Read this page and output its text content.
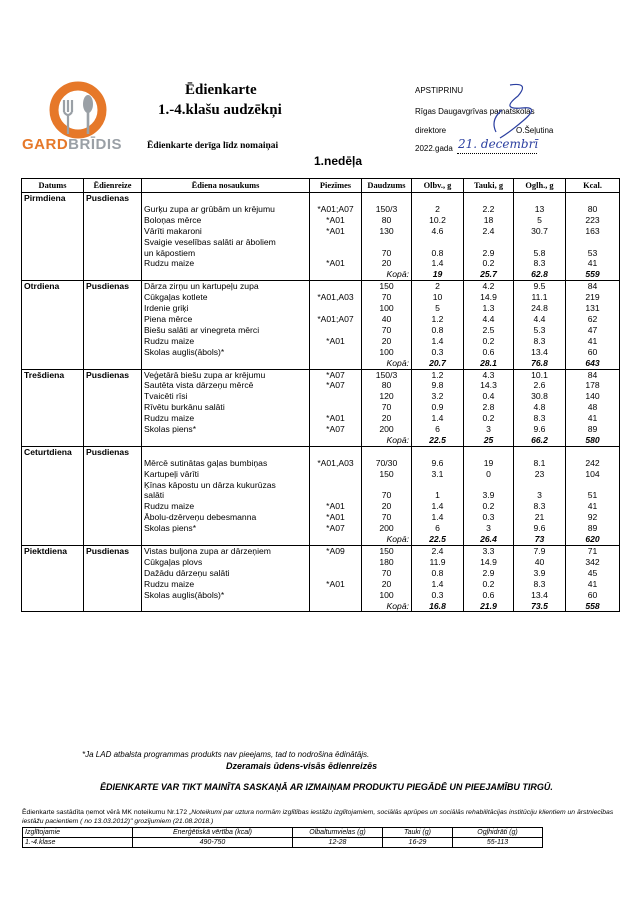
GARDBRĪDIS
Ēdienkarte
1.-4.klašu audzēkņi
Ēdienkarte derīga līdz nomaiņai
1.nedēļa
APSTIPRINU
Rīgas Daugavgrīvas pamatskolas
direktore	O.Šeļutina
2022.gada 21. decembrī
Datums	Ēdienreize	Ēdiena nosaukums	Piezīmes	Daudzums	Olbv., g	Tauki, g	Oglh., g	Kcal.
Pirmdiena	Pusdienas							
		Gurķu zupa ar grūbām un krējumu	*A01;A07	150/3	2	2.2	13	80
		Boloņas mērce	*A01	80	10.2	18	5	223
		Vārīti makaroni	*A01	130	4.6	2.4	30.7	163
		Svaigie veselības salāti ar āboliem						
		un kāpostiem		70	0.8	2.9	5.8	53
		Rudzu maize	*A01	20	1.4	0.2	8.3	41
				Kopā:	19	25.7	62.8	559
Otrdiena	Pusdienas	Dārza zirņu un kartupeļu zupa		150	2	4.2	9.5	84
		Cūkgaļas kotlete	*A01,A03	70	10	14.9	11.1	219
		Irdenie griķi		100	5	1.3	24.8	131
		Piena mērce	*A01;A07	40	1.2	4.4	4.4	62
		Biešu salāti ar vinegreta mērci		70	0.8	2.5	5.3	47
		Rudzu maize	*A01	20	1.4	0.2	8.3	41
		Skolas auglis(ābols)*		100	0.3	0.6	13.4	60
				Kopā:	20.7	28.1	76.8	643
Trešdiena	Pusdienas	Veģetārā biešu zupa ar krējumu	*A07	150/3	1.2	4.3	10.1	84
		Sautēta vista dārzeņu mērcē	*A07	80	9.8	14.3	2.6	178
		Tvaicēti rīsi		120	3.2	0.4	30.8	140
		Rīvētu burkānu salāti		70	0.9	2.8	4.8	48
		Rudzu maize	*A01	20	1.4	0.2	8.3	41
		Skolas piens*	*A07	200	6	3	9.6	89
				Kopā:	22.5	25	66.2	580
Ceturtdiena	Pusdienas							
		Mērcē sutinātas gaļas bumbiņas	*A01,A03	70/30	9.6	19	8.1	242
		Kartupeļi vārīti		150	3.1	0	23	104
		Ķīnas kāpostu un dārza kukurūzas						
		salāti		70	1	3.9	3	51
		Rudzu maize	*A01	20	1.4	0.2	8.3	41
		Ābolu-dzērveņu debesmanna	*A01	70	1.4	0.3	21	92
		Skolas piens*	*A07	200	6	3	9.6	89
				Kopā:	22.5	26.4	73	620
Piektdiena	Pusdienas	Vistas buljona zupa ar dārzeņiem	*A09	150	2.4	3.3	7.9	71
		Cūkgaļas plovs		180	11.9	14.9	40	342
		Dažādu dārzeņu salāti		70	0.8	2.9	3.9	45
		Rudzu maize	*A01	20	1.4	0.2	8.3	41
		Skolas auglis(ābols)*		100	0.3	0.6	13.4	60
				Kopā:	16.8	21.9	73.5	558
*Ja LAD atbalsta programmas produkts nav pieejams, tad to nodrošina ēdinātājs.
Dzeramais ūdens-visās ēdienreizēs
ĒDIENKARTE VAR TIKT MAINĪTA SASKAŅĀ AR IZMAIŅAM PRODUKTU PIEGĀDĒ UN PIEEJAMĪBU TIRGŪ.
Ēdienkarte sastādīta ņemot vērā MK noteikumu Nr.172 „Noteikumi par uztura normām izglītības iestāžu izglītojamiem, sociālās aprūpes un sociālās rehabilitācijas institūciju klientiem un ārstniecības iestāžu pacientiem ( no 13.03.2012)" grozījumiem (21.08.2018.)
Izglītojamie	Enerģētiskā vērtība (kcal)	Olbaltumvielas (g)	Tauki (g)	Ogļhidrāti (g)
1.-4.klase	490-750	12-28	16-29	55-113
